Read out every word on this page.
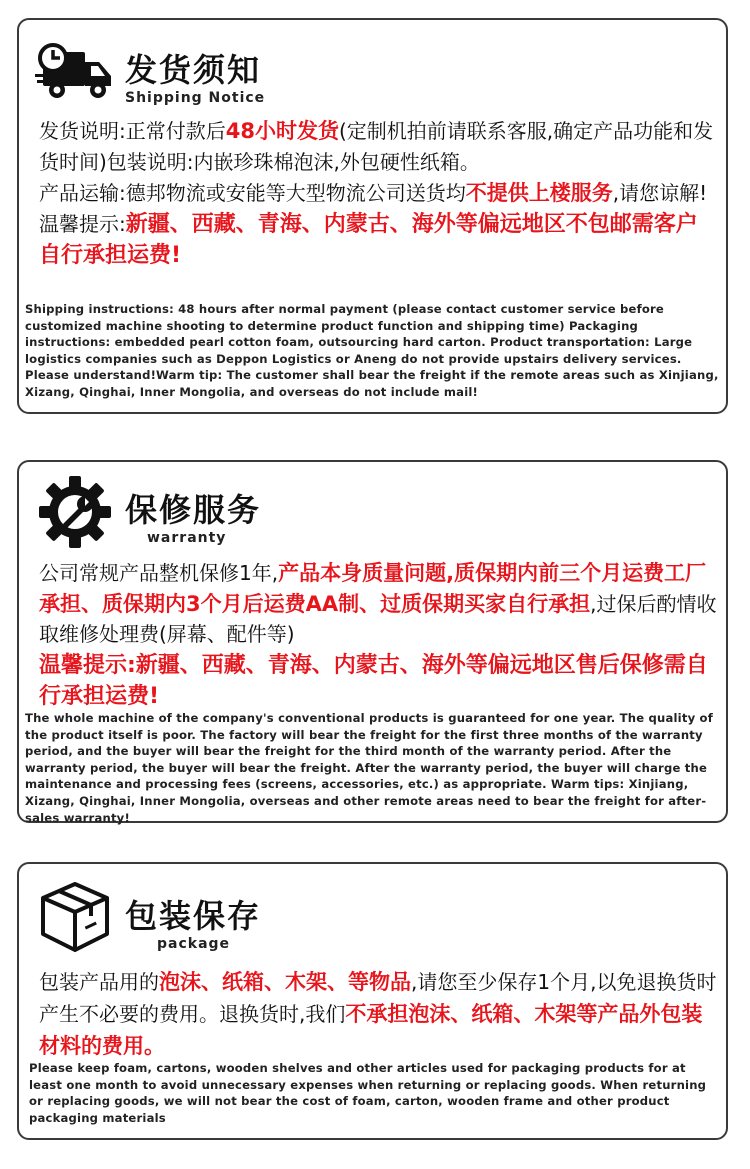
发货须知
Shipping Notice

发货说明:正常付款后48小时发货(定制机拍前请联系客服,确定产品功能和发货时间)包装说明:内嵌珍珠棉泡沫,外包硬性纸箱。

产品运输:德邦物流或安能等大型物流公司送货均不提供上楼服务,请您谅解!

温馨提示:新疆、西藏、青海、内蒙古、海外等偏远地区不包邮需客户自行承担运费!

Shipping instructions: 48 hours after normal payment (please contact customer service before customized machine shooting to determine product function and shipping time) Packaging instructions: embedded pearl cotton foam, outsourcing hard carton. Product transportation: Large logistics companies such as Deppon Logistics or Aneng do not provide upstairs delivery services. Please understand!Warm tip: The customer shall bear the freight if the remote areas such as Xinjiang, Xizang, Qinghai, Inner Mongolia, and overseas do not include mail!
保修服务
warranty

公司常规产品整机保修1年,产品本身质量问题,质保期内前三个月运费工厂承担、质保期内3个月后运费AA制、过质保期买家自行承担,过保后酌情收取维修处理费(屏幕、配件等)

温馨提示:新疆、西藏、青海、内蒙古、海外等偏远地区售后保修需自行承担运费!

The whole machine of the company's conventional products is guaranteed for one year. The quality of the product itself is poor. The factory will bear the freight for the first three months of the warranty period, and the buyer will bear the freight for the third month of the warranty period. After the warranty period, the buyer will bear the freight. After the warranty period, the buyer will charge the maintenance and processing fees (screens, accessories, etc.) as appropriate. Warm tips: Xinjiang, Xizang, Qinghai, Inner Mongolia, overseas and other remote areas need to bear the freight for after-sales warranty!
包装保存
package

包装产品用的泡沫、纸箱、木架、等物品,请您至少保存1个月,以免退换货时产生不必要的费用。退换货时,我们不承担泡沫、纸箱、木架等产品外包装材料的费用。

Please keep foam, cartons, wooden shelves and other articles used for packaging products for at least one month to avoid unnecessary expenses when returning or replacing goods. When returning or replacing goods, we will not bear the cost of foam, carton, wooden frame and other product packaging materials
